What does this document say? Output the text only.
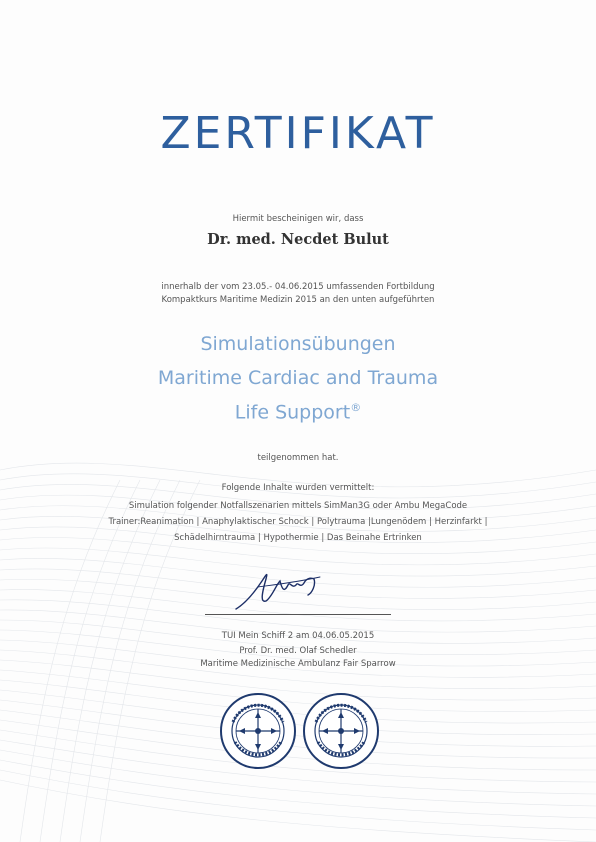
ZERTIFIKAT
Hiermit bescheinigen wir, dass
Dr. med. Necdet Bulut
innerhalb der vom 23.05.- 04.06.2015 umfassenden Fortbildung
Kompaktkurs Maritime Medizin 2015 an den unten aufgeführten
Simulationsübungen
Maritime Cardiac and Trauma
Life Support®
teilgenommen hat.
Folgende Inhalte wurden vermittelt:
Simulation folgender Notfallszenarien mittels SimMan3G oder Ambu MegaCode
Trainer:Reanimation | Anaphylaktischer Schock | Polytrauma |Lungenödem | Herzinfarkt |
Schädelhirntrauma | Hypothermie | Das Beinahe Ertrinken
TUI Mein Schiff 2 am 04.06.05.2015
Prof. Dr. med. Olaf Schedler
Maritime Medizinische Ambulanz Fair Sparrow
